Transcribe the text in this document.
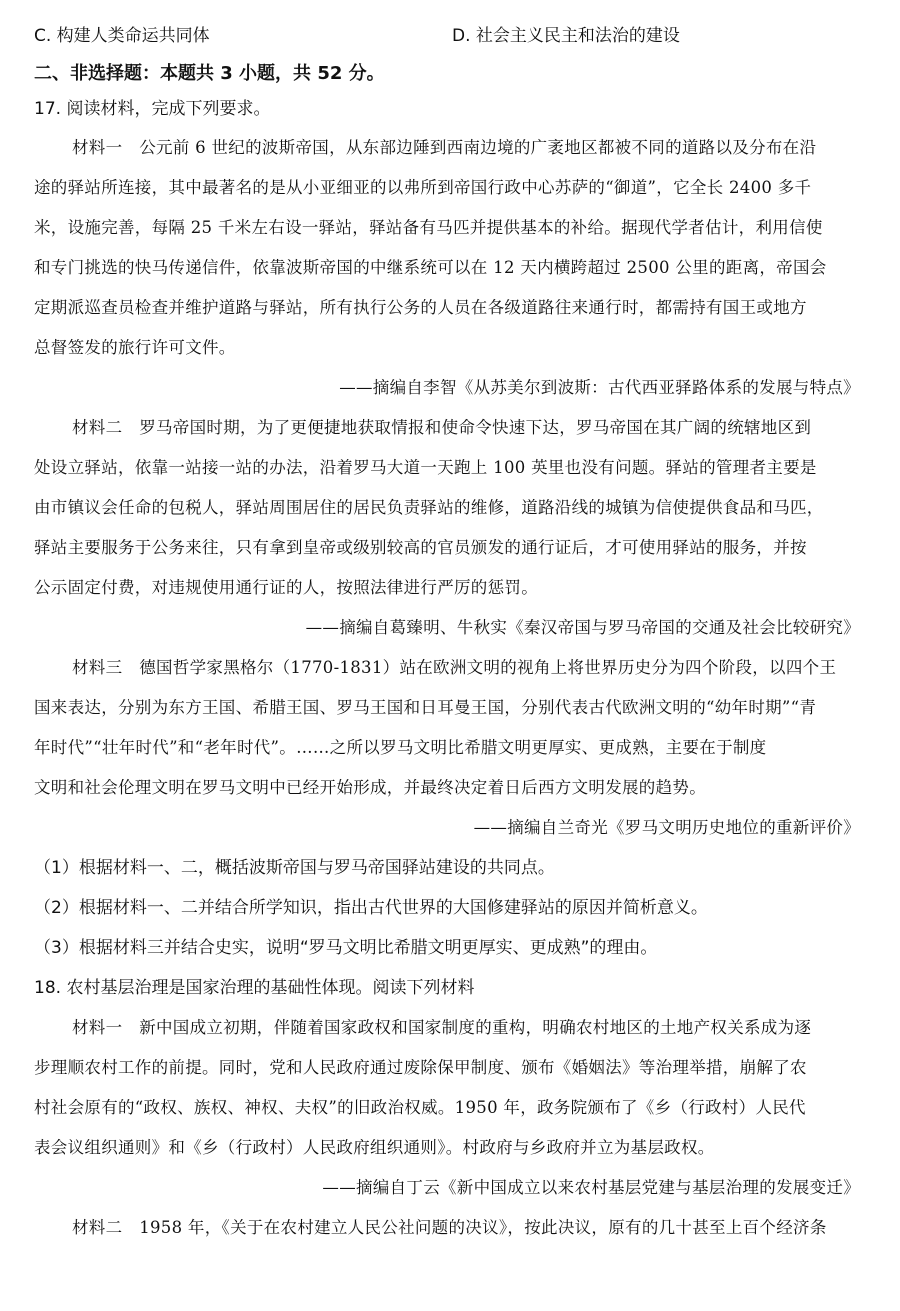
C. 构建人类命运共同体	D. 社会主义民主和法治的建设
二、非选择题：本题共 3 小题，共 52 分。
17. 阅读材料，完成下列要求。
材料一　公元前 6 世纪的波斯帝国，从东部边陲到西南边境的广袤地区都被不同的道路以及分布在沿
途的驿站所连接，其中最著名的是从小亚细亚的以弗所到帝国行政中心苏萨的“御道”，它全长 2400 多千
米，设施完善，每隔 25 千米左右设一驿站，驿站备有马匹并提供基本的补给。据现代学者估计，利用信使
和专门挑选的快马传递信件，依靠波斯帝国的中继系统可以在 12 天内横跨超过 2500 公里的距离，帝国会
定期派巡查员检查并维护道路与驿站，所有执行公务的人员在各级道路往来通行时，都需持有国王或地方
总督签发的旅行许可文件。
——摘编自李智《从苏美尔到波斯：古代西亚驿路体系的发展与特点》
材料二　罗马帝国时期，为了更便捷地获取情报和使命令快速下达，罗马帝国在其广阔的统辖地区到
处设立驿站，依靠一站接一站的办法，沿着罗马大道一天跑上 100 英里也没有问题。驿站的管理者主要是
由市镇议会任命的包税人，驿站周围居住的居民负责驿站的维修，道路沿线的城镇为信使提供食品和马匹，
驿站主要服务于公务来往，只有拿到皇帝或级别较高的官员颁发的通行证后，才可使用驿站的服务，并按
公示固定付费，对违规使用通行证的人，按照法律进行严厉的惩罚。
——摘编自葛臻明、牛秋实《秦汉帝国与罗马帝国的交通及社会比较研究》
材料三　德国哲学家黑格尔（1770-1831）站在欧洲文明的视角上将世界历史分为四个阶段，以四个王
国来表达，分别为东方王国、希腊王国、罗马王国和日耳曼王国，分别代表古代欧洲文明的“幼年时期”“青
年时代”“壮年时代”和“老年时代”。……之所以罗马文明比希腊文明更厚实、更成熟，主要在于制度
文明和社会伦理文明在罗马文明中已经开始形成，并最终决定着日后西方文明发展的趋势。
——摘编自兰奇光《罗马文明历史地位的重新评价》
（1）根据材料一、二，概括波斯帝国与罗马帝国驿站建设的共同点。
（2）根据材料一、二并结合所学知识，指出古代世界的大国修建驿站的原因并简析意义。
（3）根据材料三并结合史实，说明“罗马文明比希腊文明更厚实、更成熟”的理由。
18. 农村基层治理是国家治理的基础性体现。阅读下列材料
材料一　新中国成立初期，伴随着国家政权和国家制度的重构，明确农村地区的土地产权关系成为逐
步理顺农村工作的前提。同时，党和人民政府通过废除保甲制度、颁布《婚姻法》等治理举措，崩解了农
村社会原有的“政权、族权、神权、夫权”的旧政治权威。1950 年，政务院颁布了《乡（行政村）人民代
表会议组织通则》和《乡（行政村）人民政府组织通则》。村政府与乡政府并立为基层政权。
——摘编自丁云《新中国成立以来农村基层党建与基层治理的发展变迁》
材料二　1958 年，《关于在农村建立人民公社问题的决议》，按此决议，原有的几十甚至上百个经济条
